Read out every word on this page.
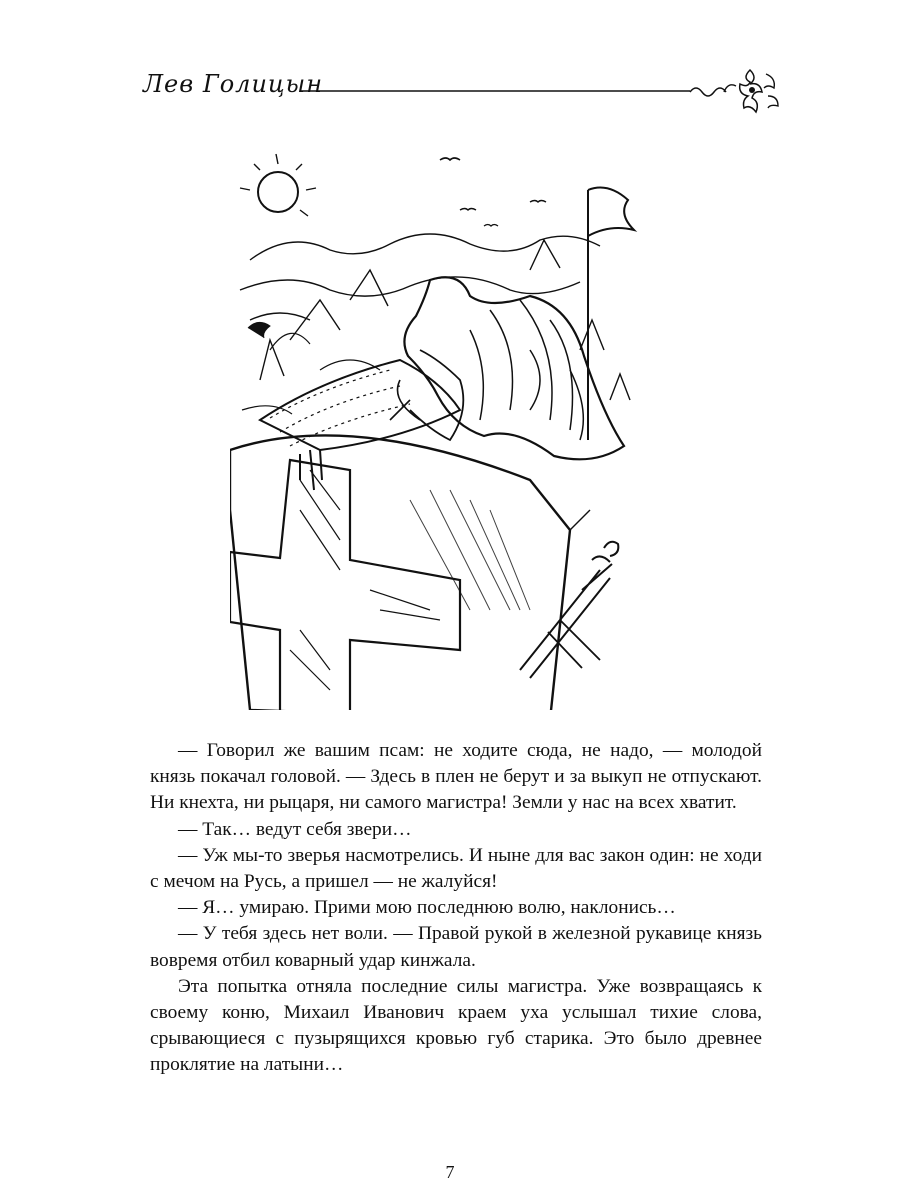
Лев Голицын

— Говорил же вашим псам: не ходите сюда, не надо, — молодой князь покачал головой. — Здесь в плен не берут и за выкуп не отпускают. Ни кнехта, ни рыцаря, ни самого магистра! Земли у нас на всех хватит.

— Так… ведут себя звери…

— Уж мы-то зверья насмотрелись. И ныне для вас закон один: не ходи с мечом на Русь, а пришел — не жалуйся!

— Я… умираю. Прими мою последнюю волю, наклонись…

— У тебя здесь нет воли. — Правой рукой в железной рукавице князь вовремя отбил коварный удар кинжала.

Эта попытка отняла последние силы магистра. Уже возвращаясь к своему коню, Михаил Иванович краем уха услышал тихие слова, срывающиеся с пузырящихся кровью губ старика. Это было древнее проклятие на латыни…

7
